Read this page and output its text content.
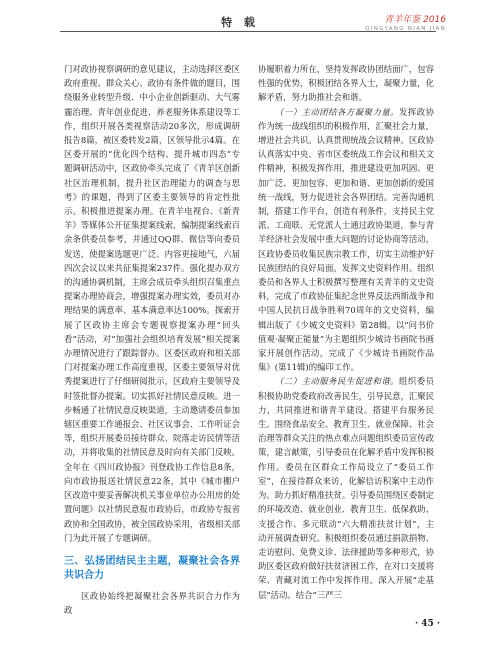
特 载	青羊年鉴 2016
QINGYANG NIAN JIAN

门对政协视察调研的意见建议，主动选择区委区政府重视、群众关心、政协有条件做的题目，围绕服务业转型升级、中小企业创新驱动、大气雾霾治理、青年创业促进、养老服务体系建设等工作，组织开展各类视察活动20多次，形成调研报告8篇，被区委转发2篇，区领导批示4篇。在区委开展的“优化四个结构、提升城市四态”专题调研活动中，区政协牵头完成了《青羊区创新社区治理机制，提升社区治理能力的调查与思考》的课题，得到了区委主要领导的肯定性批示。积极推进提案办理。在青羊电视台、《新青羊》等媒体公开征集提案线索，编制提案线索百余条供委员参考，并通过QQ群、微信等向委员发送，使提案选题更广泛、内容更接地气，六届四次会议以来共征集提案237件。强化提办双方的沟通协调机制，主席会成员牵头组织召集重点提案办理协商会，增强提案办理实效，委员对办理结果的满意率、基本满意率达100%。探索开展了区政协主席会专题视察提案办理“回头看”活动，对“加强社会组织培育发展”相关提案办理情况进行了跟踪督办。区委区政府和相关部门对提案办理工作高度重视，区委主要领导对优秀提案进行了仔细研阅批示，区政府主要领导及时签批督办提案。切实抓好社情民意反映。进一步畅通了社情民意反映渠道，主动邀请委员参加辖区重要工作通报会、社区议事会、工作听证会等，组织开展委员接待群众、院落走访民情等活动，并将收集的社情民意及时向有关部门反映。全年在《四川政协报》刊登政协工作信息8条，向市政协报送社情民意22条，其中《城市棚户区改造中要妥善解决机关事业单位办公用房的处置问题》以社情民意报市政协后，市政协专报省政协和全国政协，被全国政协采用，省级相关部门为此开展了专题调研。

三、弘扬团结民主主题，凝聚社会各界共识合力

区政协始终把凝聚社会各界共识合力作为政

协履职着力所在，坚持发挥政协团结面广，包容性强的优势，积极团结各界人士，凝聚力量，化解矛盾，努力助推社会和谐。

（一）主动团结各方凝聚力量。发挥政协作为统一战线组织的积极作用，汇聚社会力量，增进社会共识。认真贯彻统战会议精神。区政协认真落实中央、省市区委统战工作会议和相关文件精神，积极发挥作用，推进建设更加巩固、更加广泛、更加包容、更加和谐、更加创新的爱国统一战线，努力促进社会各界团结。完善沟通机制，搭建工作平台，创造有利条件，支持民主党派、工商联、无党派人士通过政协渠道，参与青羊经济社会发展中重大问题的讨论协商等活动。区政协委员收集民族宗教工作，切实主动维护好民族团结的良好局面。发挥文史资料作用。组织委员和各界人士积极撰写整理有关青羊的文史资料，完成了市政协征集纪念世界反法西斯战争和中国人民抗日战争胜利70周年的文史资料，编辑出版了《少城文史资料》第28辑。以“问书价值观·凝聚正能量”为主题组织少城诗书画院书画家开展创作活动，完成了《少城诗书画院作品集》(第11辑)的编印工作。

（二）主动服务民生促进和谐。组织委员积极协助党委政府改善民生，引导民意，汇聚民力，共同推进和谐青羊建设。搭建平台服务民生。围绕食品安全、教育卫生、就业保障、社会治理等群众关注的热点难点问题组织委员宣传政策，建言献策，引导委员在化解矛盾中发挥积极作用。委员在区群众工作局设立了“委员工作室”，在接待群众来访，化解信访积案中主动作为。助力抓好精准扶贫。引导委员围绕区委制定的环境改造、就业创业、教育卫生、低保救助、支援合作、多元联动“六大精准扶贫计划”，主动开展调查研究。积极组织委员通过捐款捐物、走访慰问、免费义诊、法律援助等多种形式，协助区委区政府做好扶贫济困工作，在对口支援将荣、青藏对流工作中发挥作用。深入开展“走基层”活动。结合“三严三

· 45 ·
